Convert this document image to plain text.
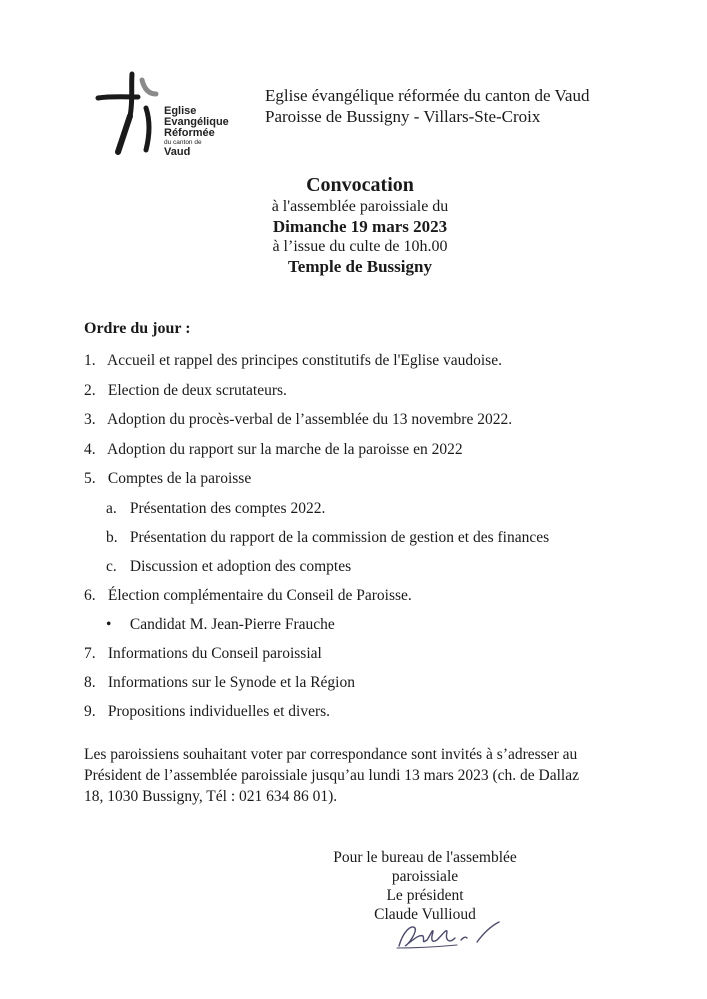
Eglise
Evangélique
Réformée
du canton de
Vaud
Eglise évangélique réformée du canton de Vaud
Paroisse de Bussigny - Villars-Ste-Croix
Convocation
à l'assemblée paroissiale du
Dimanche 19 mars 2023
à l’issue du culte de 10h.00
Temple de Bussigny
Ordre du jour :
1. Accueil et rappel des principes constitutifs de l'Eglise vaudoise.
2. Election de deux scrutateurs.
3. Adoption du procès-verbal de l’assemblée du 13 novembre 2022.
4. Adoption du rapport sur la marche de la paroisse en 2022
5. Comptes de la paroisse
a. Présentation des comptes 2022.
b. Présentation du rapport de la commission de gestion et des finances
c. Discussion et adoption des comptes
6. Élection complémentaire du Conseil de Paroisse.
• Candidat M. Jean-Pierre Frauche
7. Informations du Conseil paroissial
8. Informations sur le Synode et la Région
9. Propositions individuelles et divers.
Les paroissiens souhaitant voter par correspondance sont invités à s’adresser au
Président de l’assemblée paroissiale jusqu’au lundi 13 mars 2023 (ch. de Dallaz
18, 1030 Bussigny, Tél : 021 634 86 01).
Pour le bureau de l'assemblée paroissiale
Le président
Claude Vullioud
